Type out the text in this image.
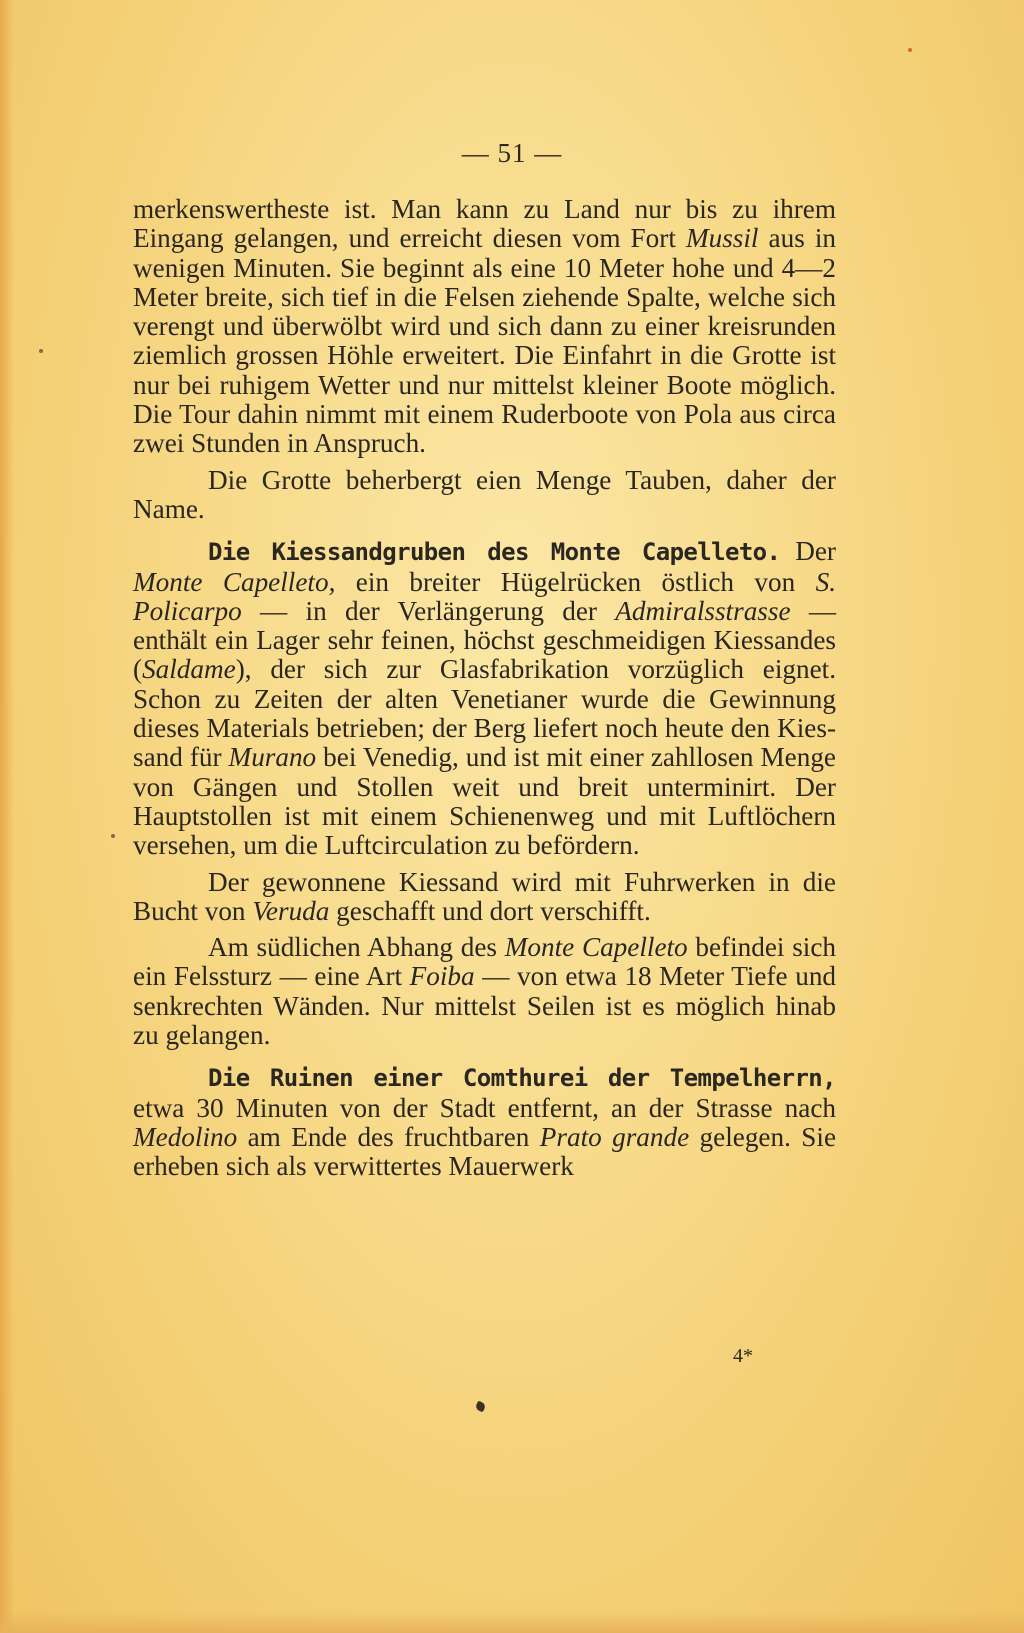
— 51 —

merkenswertheste ist. Man kann zu Land nur bis zu ihrem Eingang gelangen, und erreicht diesen vom Fort Mussil aus in wenigen Minuten. Sie beginnt als eine 10 Meter hohe und 4—2 Meter breite, sich tief in die Felsen ziehende Spalte, welche sich verengt und überwölbt wird und sich dann zu einer kreisrunden ziemlich grossen Höhle erweitert. Die Einfahrt in die Grotte ist nur bei ruhigem Wetter und nur mittelst kleiner Boote möglich. Die Tour dahin nimmt mit einem Ruderboote von Pola aus circa zwei Stunden in Anspruch.

Die Grotte beherbergt eien Menge Tauben, daher der Name.

Die Kiessandgruben des Monte Capelleto. Der Monte Capelleto, ein breiter Hügelrücken östlich von S. Policarpo — in der Verlängerung der Admiralsstrasse — enthält ein Lager sehr feinen, höchst geschmeidigen Kiessandes (Saldame), der sich zur Glasfabrikation vorzüglich eignet. Schon zu Zeiten der alten Venetianer wurde die Gewinnung dieses Materials betrieben; der Berg liefert noch heute den Kiessand für Murano bei Venedig, und ist mit einer zahllosen Menge von Gängen und Stollen weit und breit unterminirt. Der Hauptstollen ist mit einem Schienenweg und mit Luftlöchern versehen, um die Luftcirculation zu befördern.

Der gewonnene Kiessand wird mit Fuhrwerken in die Bucht von Veruda geschafft und dort verschifft.

Am südlichen Abhang des Monte Capelleto befindei sich ein Felssturz — eine Art Foiba — von etwa 18 Meter Tiefe und senkrechten Wänden. Nur mittelst Seilen ist es möglich hinab zu gelangen.

Die Ruinen einer Comthurei der Tempelherrn, etwa 30 Minuten von der Stadt entfernt, an der Strasse nach Medolino am Ende des fruchtbaren Prato grande gelegen. Sie erheben sich als verwittertes Mauerwerk

4*
